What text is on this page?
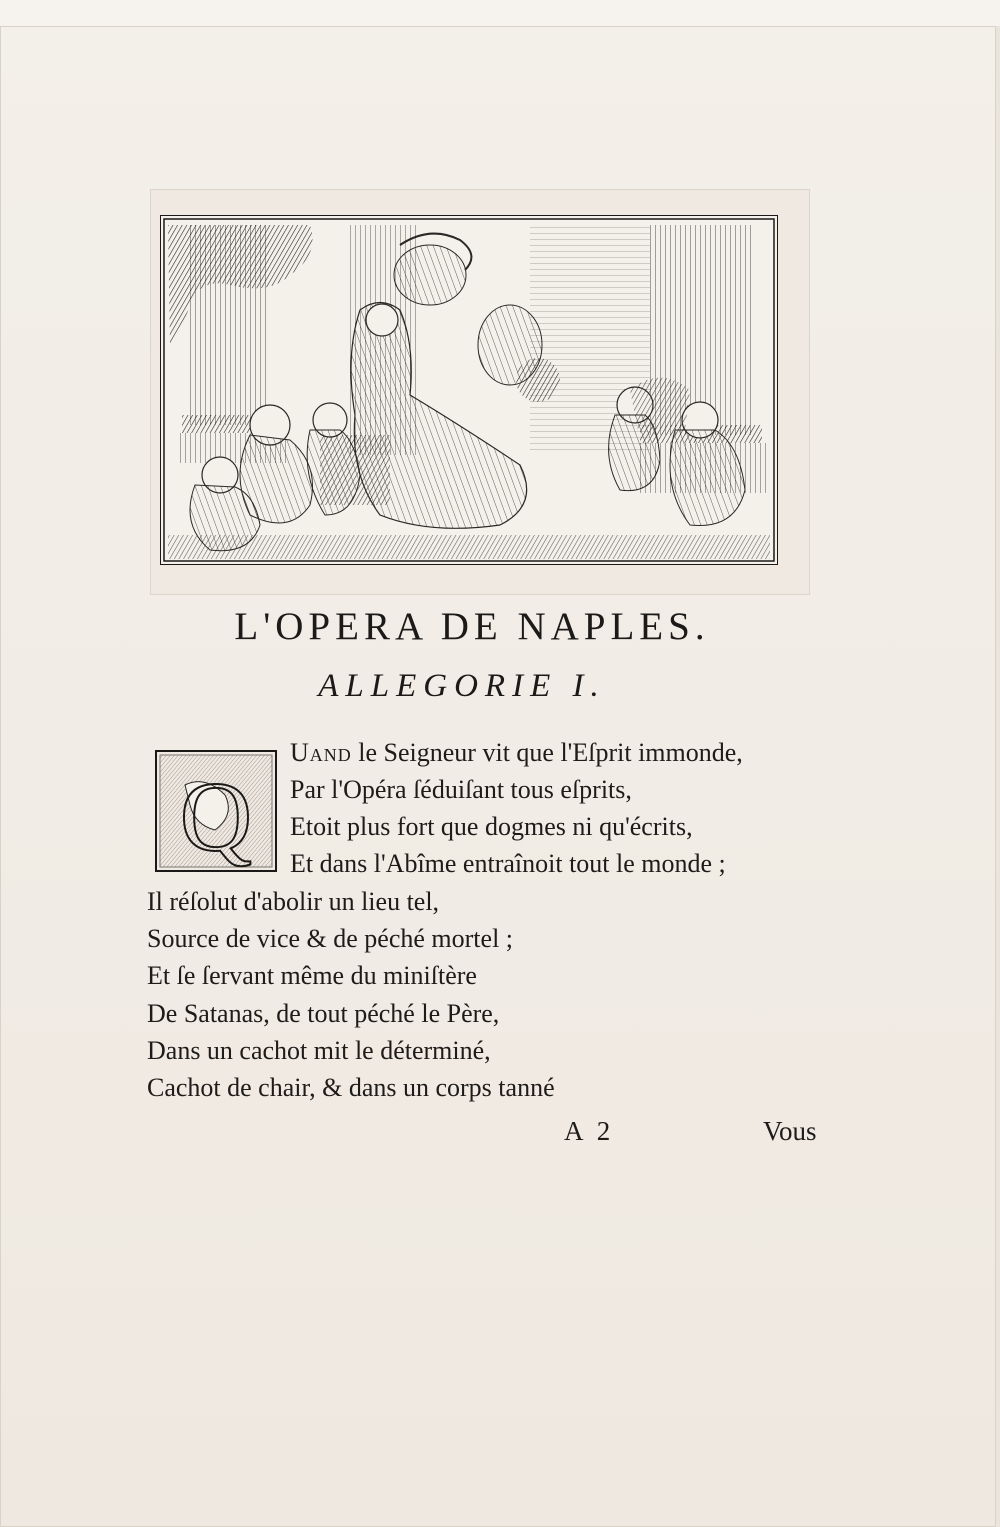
L'OPERA DE NAPLES.
ALLEGORIE I.
Q
Uand le Seigneur vit que l'Eſprit immonde,
Par l'Opéra ſéduiſant tous eſprits,
Etoit plus fort que dogmes ni qu'écrits,
Et dans l'Abîme entraînoit tout le monde ;
Il réſolut d'abolir un lieu tel,
Source de vice & de péché mortel ;
Et ſe ſervant même du miniſtère
De Satanas, de tout péché le Père,
Dans un cachot mit le déterminé,
Cachot de chair, & dans un corps tanné
A 2	Vous
